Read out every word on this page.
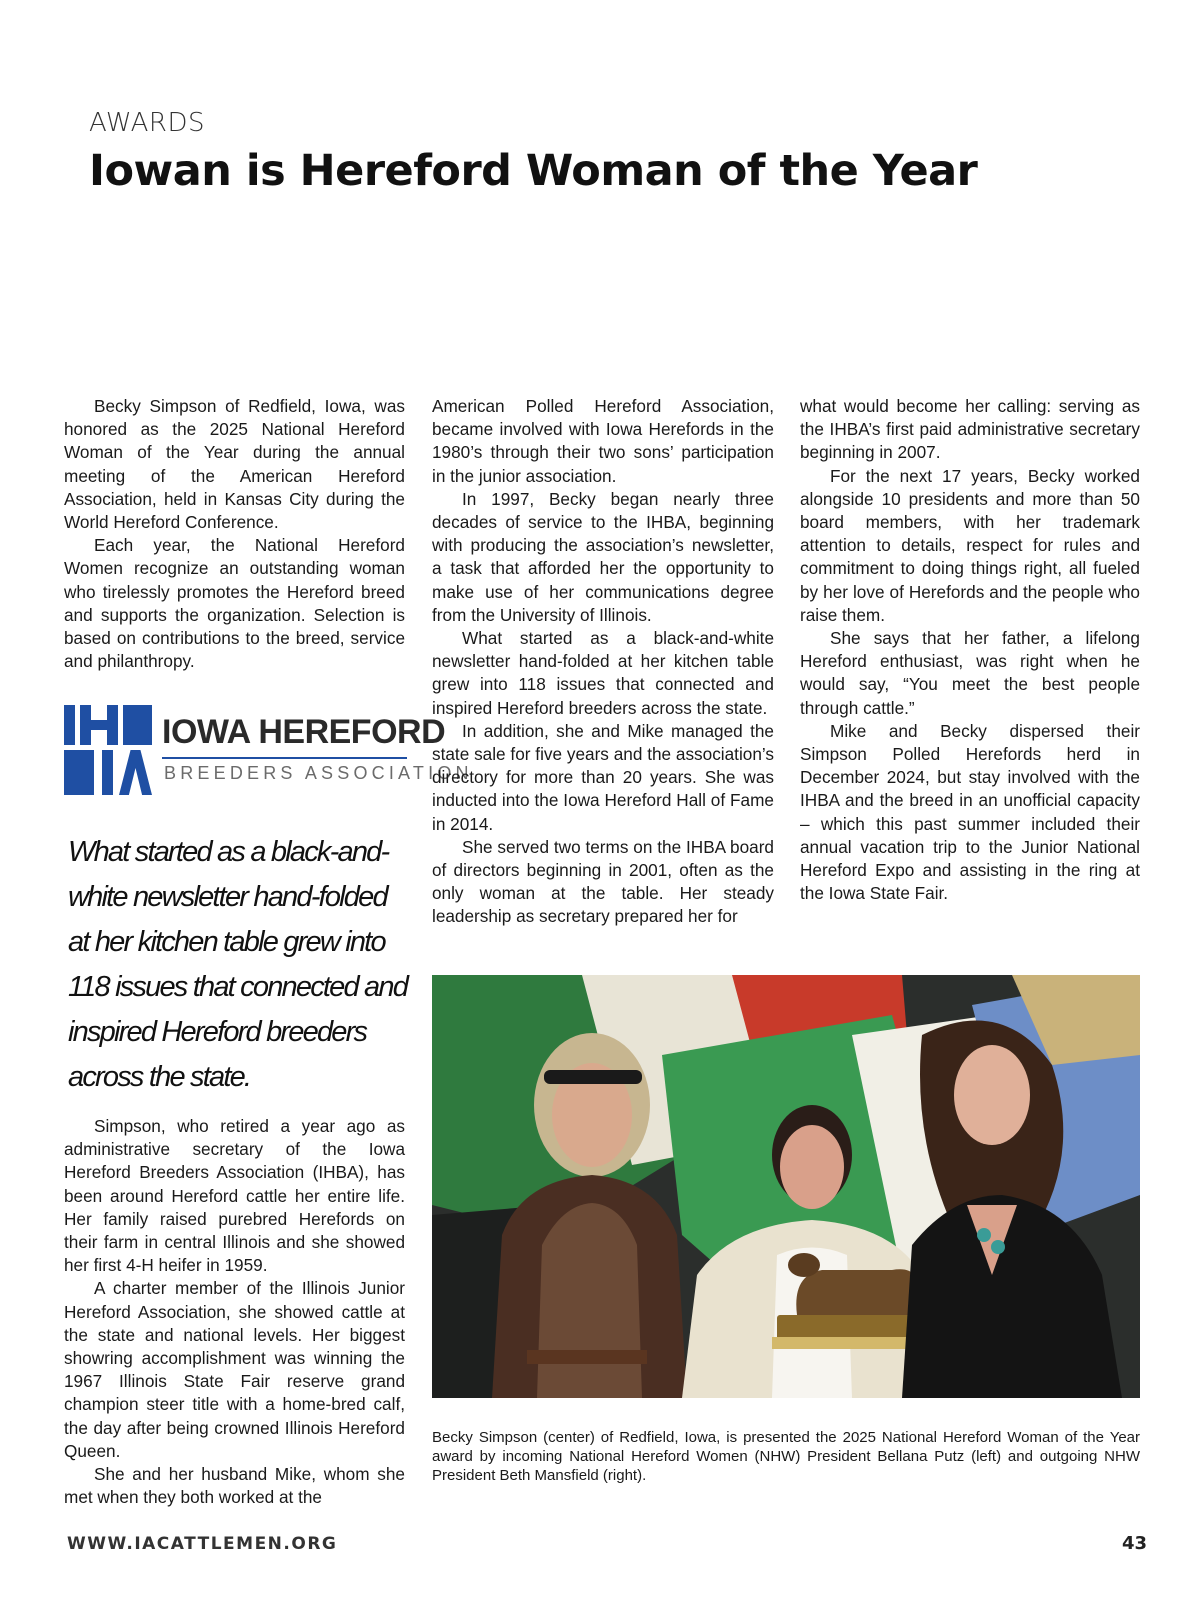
AWARDS
Iowan is Hereford Woman of the Year

Becky Simpson of Redfield, Iowa, was honored as the 2025 National Hereford Woman of the Year during the annual meeting of the American Hereford Association, held in Kansas City during the World Hereford Conference.

Each year, the National Hereford Women recognize an outstanding woman who tirelessly promotes the Hereford breed and supports the organization. Selection is based on contributions to the breed, service and philanthropy.

IOWA HEREFORD
BREEDERS ASSOCIATION
What started as a black-and-white newsletter hand-folded at her kitchen table grew into 118 issues that connected and inspired Hereford breeders across the state.

Simpson, who retired a year ago as administrative secretary of the Iowa Hereford Breeders Association (IHBA), has been around Hereford cattle her entire life. Her family raised purebred Herefords on their farm in central Illinois and she showed her first 4-H heifer in 1959.

A charter member of the Illinois Junior Hereford Association, she showed cattle at the state and national levels. Her biggest showring accomplishment was winning the 1967 Illinois State Fair reserve grand champion steer title with a home-bred calf, the day after being crowned Illinois Hereford Queen.

She and her husband Mike, whom she met when they both worked at the

American Polled Hereford Association, became involved with Iowa Herefords in the 1980’s through their two sons’ participation in the junior association.

In 1997, Becky began nearly three decades of service to the IHBA, beginning with producing the association’s newsletter, a task that afforded her the opportunity to make use of her communications degree from the University of Illinois.

What started as a black-and-white newsletter hand-folded at her kitchen table grew into 118 issues that connected and inspired Hereford breeders across the state.

In addition, she and Mike managed the state sale for five years and the association’s directory for more than 20 years. She was inducted into the Iowa Hereford Hall of Fame in 2014.

She served two terms on the IHBA board of directors beginning in 2001, often as the only woman at the table. Her steady leadership as secretary prepared her for

what would become her calling: serving as the IHBA’s first paid administrative secretary beginning in 2007.

For the next 17 years, Becky worked alongside 10 presidents and more than 50 board members, with her trademark attention to details, respect for rules and commitment to doing things right, all fueled by her love of Herefords and the people who raise them.

She says that her father, a lifelong Hereford enthusiast, was right when he would say, “You meet the best people through cattle.”

Mike and Becky dispersed their Simpson Polled Herefords herd in December 2024, but stay involved with the IHBA and the breed in an unofficial capacity – which this past summer included their annual vacation trip to the Junior National Hereford Expo and assisting in the ring at the Iowa State Fair.

Becky Simpson (center) of Redfield, Iowa, is presented the 2025 National Hereford Woman of the Year award by incoming National Hereford Women (NHW) President Bellana Putz (left) and outgoing NHW President Beth Mansfield (right).
WWW.IACATTLEMEN.ORG	43
